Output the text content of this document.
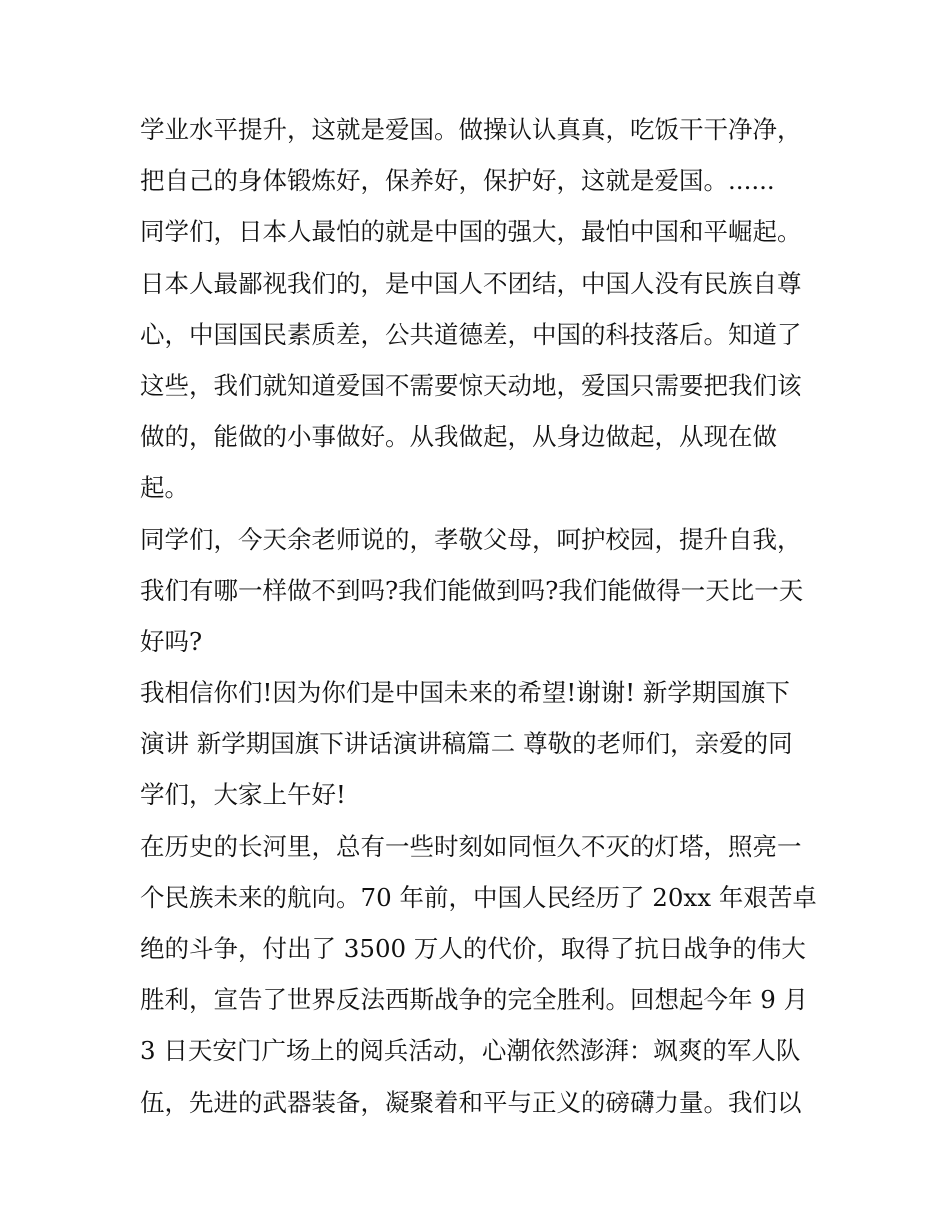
学业水平提升，这就是爱国。做操认认真真，吃饭干干净净，
把自己的身体锻炼好，保养好，保护好，这就是爱国。......
同学们，日本人最怕的就是中国的强大，最怕中国和平崛起。
日本人最鄙视我们的，是中国人不团结，中国人没有民族自尊
心，中国国民素质差，公共道德差，中国的科技落后。知道了
这些，我们就知道爱国不需要惊天动地，爱国只需要把我们该
做的，能做的小事做好。从我做起，从身边做起，从现在做
起。
同学们，今天余老师说的，孝敬父母，呵护校园，提升自我，
我们有哪一样做不到吗?我们能做到吗?我们能做得一天比一天
好吗?
我相信你们!因为你们是中国未来的希望!谢谢! 新学期国旗下
演讲 新学期国旗下讲话演讲稿篇二 尊敬的老师们，亲爱的同
学们，大家上午好!
在历史的长河里，总有一些时刻如同恒久不灭的灯塔，照亮一
个民族未来的航向。70 年前，中国人民经历了 20xx 年艰苦卓
绝的斗争，付出了 3500 万人的代价，取得了抗日战争的伟大
胜利，宣告了世界反法西斯战争的完全胜利。回想起今年 9 月
3 日天安门广场上的阅兵活动，心潮依然澎湃：飒爽的军人队
伍，先进的武器装备，凝聚着和平与正义的磅礴力量。我们以
